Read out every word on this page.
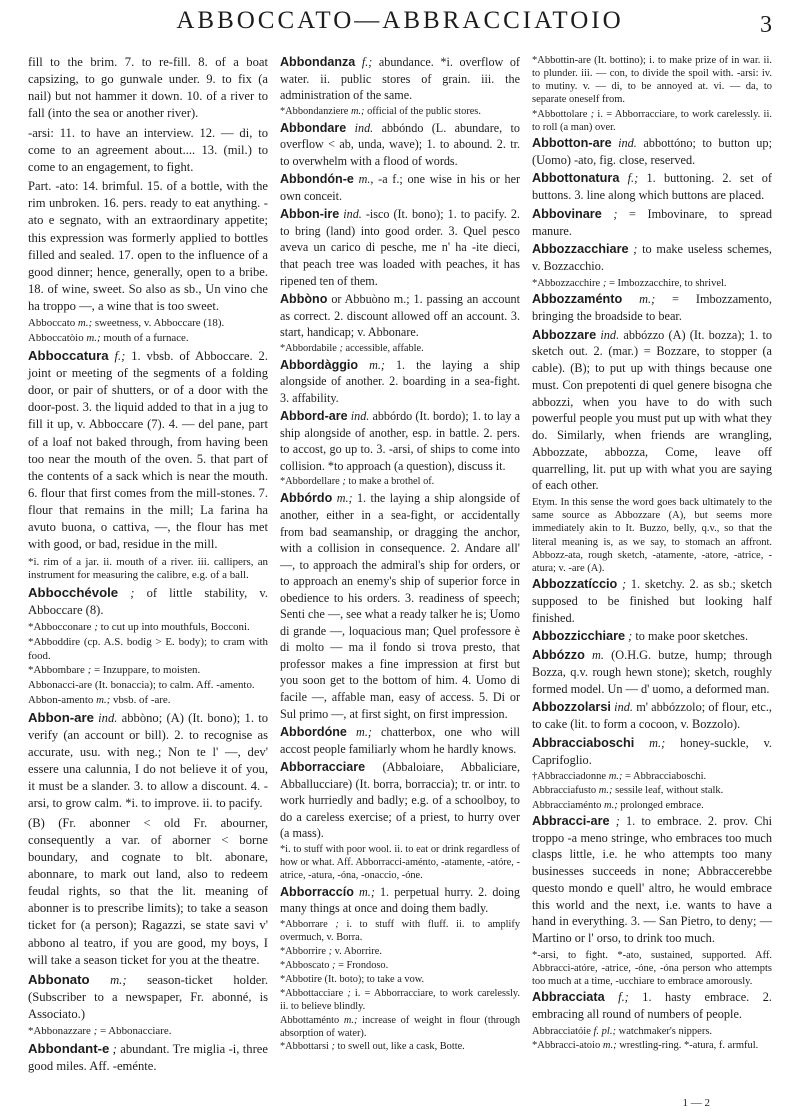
ABBOCCATO—ABBRACCIATOIO	3

fill to the brim. 7. to re-fill. 8. of a boat capsizing, to go gunwale under. 9. to fix (a nail) but not hammer it down. 10. of a river to fall (into the sea or another river).

-arsi: 11. to have an interview. 12. — di, to come to an agreement about.... 13. (mil.) to come to an engagement, to fight.

Part. -ato: 14. brimful. 15. of a bottle, with the rim unbroken. 16. pers. ready to eat anything. -ato e segnato, with an extraordinary appetite; this expression was formerly applied to bottles filled and sealed. 17. open to the influence of a good dinner; hence, generally, open to a bribe. 18. of wine, sweet. So also as sb., Un vino che ha troppo —, a wine that is too sweet.

Abboccato m.; sweetness, v. Abboccare (18).

Abboccatòio m.; mouth of a furnace.

Abboccatura f.; 1. vbsb. of Abboccare. 2. joint or meeting of the segments of a folding door, or pair of shutters, or of a door with the door-post. 3. the liquid added to that in a jug to fill it up, v. Abboccare (7). 4. — del pane, part of a loaf not baked through, from having been too near the mouth of the oven. 5. that part of the contents of a sack which is near the mouth. 6. flour that first comes from the mill-stones. 7. flour that remains in the mill; La farina ha avuto buona, o cattiva, —, the flour has met with good, or bad, residue in the mill.

*i. rim of a jar. ii. mouth of a river. iii. callipers, an instrument for measuring the calibre, e.g. of a ball.

Abbocchévole ; of little stability, v. Abboccare (8).

*Abbocconare ; to cut up into mouthfuls, Bocconi.

*Abboddire (cp. A.S. bodig > E. body); to cram with food.

*Abbombare ; = Inzuppare, to moisten.

Abbonacci-are (It. bonaccia); to calm. Aff. -amento.

Abbon-amento m.; vbsb. of -are.

Abbon-are ind. abbòno; (A) (It. bono); 1. to verify (an account or bill). 2. to recognise as accurate, usu. with neg.; Non te l' —, dev' essere una calunnia, I do not believe it of you, it must be a slander. 3. to allow a discount. 4. -arsi, to grow calm. *i. to improve. ii. to pacify.

(B) (Fr. abonner < old Fr. abourner, consequently a var. of aborner < borne boundary, and cognate to blt. abonare, abonnare, to mark out land, also to redeem feudal rights, so that the lit. meaning of abonner is to prescribe limits); to take a season ticket for (a person); Ragazzi, se state savi v' abbono al teatro, if you are good, my boys, I will take a season ticket for you at the theatre.

Abbonato m.; season-ticket holder. (Subscriber to a newspaper, Fr. abonné, is Associato.)

*Abbonazzare ; = Abbonacciare.

Abbondant-e ; abundant. Tre miglia -i, three good miles. Aff. -eménte.

Abbondanza f.; abundance. *i. overflow of water. ii. public stores of grain. iii. the administration of the same.

*Abbondanziere m.; official of the public stores.

Abbondare ind. abbóndo (L. abundare, to overflow < ab, unda, wave); 1. to abound. 2. tr. to overwhelm with a flood of words.

Abbondón-e m., -a f.; one wise in his or her own conceit.

Abbon-ire ind. -isco (It. bono); 1. to pacify. 2. to bring (land) into good order. 3. Quel pesco aveva un carico di pesche, me n' ha -ite dieci, that peach tree was loaded with peaches, it has ripened ten of them.

Abbòno or Abbuòno m.; 1. passing an account as correct. 2. discount allowed off an account. 3. start, handicap; v. Abbonare.

*Abbordabile ; accessible, affable.

Abbordàggio m.; 1. the laying a ship alongside of another. 2. boarding in a sea-fight. 3. affability.

Abbord-are ind. abbórdo (It. bordo); 1. to lay a ship alongside of another, esp. in battle. 2. pers. to accost, go up to. 3. -arsi, of ships to come into collision. *to approach (a question), discuss it.

*Abbordellare ; to make a brothel of.

Abbórdo m.; 1. the laying a ship alongside of another, either in a sea-fight, or accidentally from bad seamanship, or dragging the anchor, with a collision in consequence. 2. Andare all' —, to approach the admiral's ship for orders, or to approach an enemy's ship of superior force in obedience to his orders. 3. readiness of speech; Senti che —, see what a ready talker he is; Uomo di grande —, loquacious man; Quel professore è di molto — ma il fondo si trova presto, that professor makes a fine impression at first but you soon get to the bottom of him. 4. Uomo di facile —, affable man, easy of access. 5. Di or Sul primo —, at first sight, on first impression.

Abbordóne m.; chatterbox, one who will accost people familiarly whom he hardly knows.

Abborracciare (Abbaloiare, Abbaliciare, Abballucciare) (It. borra, borraccia); tr. or intr. to work hurriedly and badly; e.g. of a schoolboy, to do a careless exercise; of a priest, to hurry over (a mass).

*i. to stuff with poor wool. ii. to eat or drink regardless of how or what. Aff. Abborracci-aménto, -atamente, -atóre, -atrice, -atura, -óna, -onaccio, -óne.

Abborraccío m.; 1. perpetual hurry. 2. doing many things at once and doing them badly.

*Abborrare ; i. to stuff with fluff. ii. to amplify overmuch, v. Borra.

*Abborrire ; v. Aborrire.

*Abboscato ; = Frondoso.

*Abbotire (It. boto); to take a vow.

*Abbottacciare ; i. = Abborracciare, to work carelessly. ii. to believe blindly.

Abbottaménto m.; increase of weight in flour (through absorption of water).

*Abbottarsi ; to swell out, like a cask, Botte.

*Abbottin-are (It. bottino); i. to make prize of in war. ii. to plunder. iii. — con, to divide the spoil with. -arsi: iv. to mutiny. v. — di, to be annoyed at. vi. — da, to separate oneself from.

*Abbottolare ; i. = Abborracciare, to work carelessly. ii. to roll (a man) over.

Abbotton-are ind. abbottóno; to button up; (Uomo) -ato, fig. close, reserved.

Abbottonatura f.; 1. buttoning. 2. set of buttons. 3. line along which buttons are placed.

Abbovinare ; = Imbovinare, to spread manure.

Abbozzacchiare ; to make useless schemes, v. Bozzacchio.

*Abbozzacchire ; = Imbozzacchire, to shrivel.

Abbozzaménto m.; = Imbozzamento, bringing the broadside to bear.

Abbozzare ind. abbózzo (A) (It. bozza); 1. to sketch out. 2. (mar.) = Bozzare, to stopper (a cable). (B); to put up with things because one must. Con prepotenti di quel genere bisogna che abbozzi, when you have to do with such powerful people you must put up with what they do. Similarly, when friends are wrangling, Abbozzate, abbozza, Come, leave off quarrelling, lit. put up with what you are saying of each other.

Etym. In this sense the word goes back ultimately to the same source as Abbozzare (A), but seems more immediately akin to It. Buzzo, belly, q.v., so that the literal meaning is, as we say, to stomach an affront. Abbozz-ata, rough sketch, -atamente, -atore, -atrice, -atura; v. -are (A).

Abbozzatíccio ; 1. sketchy. 2. as sb.; sketch supposed to be finished but looking half finished.

Abbozzicchiare ; to make poor sketches.

Abbózzo m. (O.H.G. butze, hump; through Bozza, q.v. rough hewn stone); sketch, roughly formed model. Un — d' uomo, a deformed man.

Abbozzolarsi ind. m' abbózzolo; of flour, etc., to cake (lit. to form a cocoon, v. Bozzolo).

Abbracciaboschi m.; honey-suckle, v. Caprifoglio.

†Abbracciadonne m.; = Abbracciaboschi.

Abbracciafusto m.; sessile leaf, without stalk.

Abbracciaménto m.; prolonged embrace.

Abbracci-are ; 1. to embrace. 2. prov. Chi troppo -a meno stringe, who embraces too much clasps little, i.e. he who attempts too many businesses succeeds in none; Abbraccerebbe questo mondo e quell' altro, he would embrace this world and the next, i.e. wants to have a hand in everything. 3. — San Pietro, to deny; — Martino or l' orso, to drink too much.

*-arsi, to fight. *-ato, sustained, supported. Aff. Abbracci-atóre, -atrice, -óne, -óna person who attempts too much at a time, -ucchiare to embrace amorously.

Abbracciata f.; 1. hasty embrace. 2. embracing all round of numbers of people.

Abbracciatóie f. pl.; watchmaker's nippers.

*Abbracci-atoio m.; wrestling-ring. *-atura, f. armful.

1 — 2
